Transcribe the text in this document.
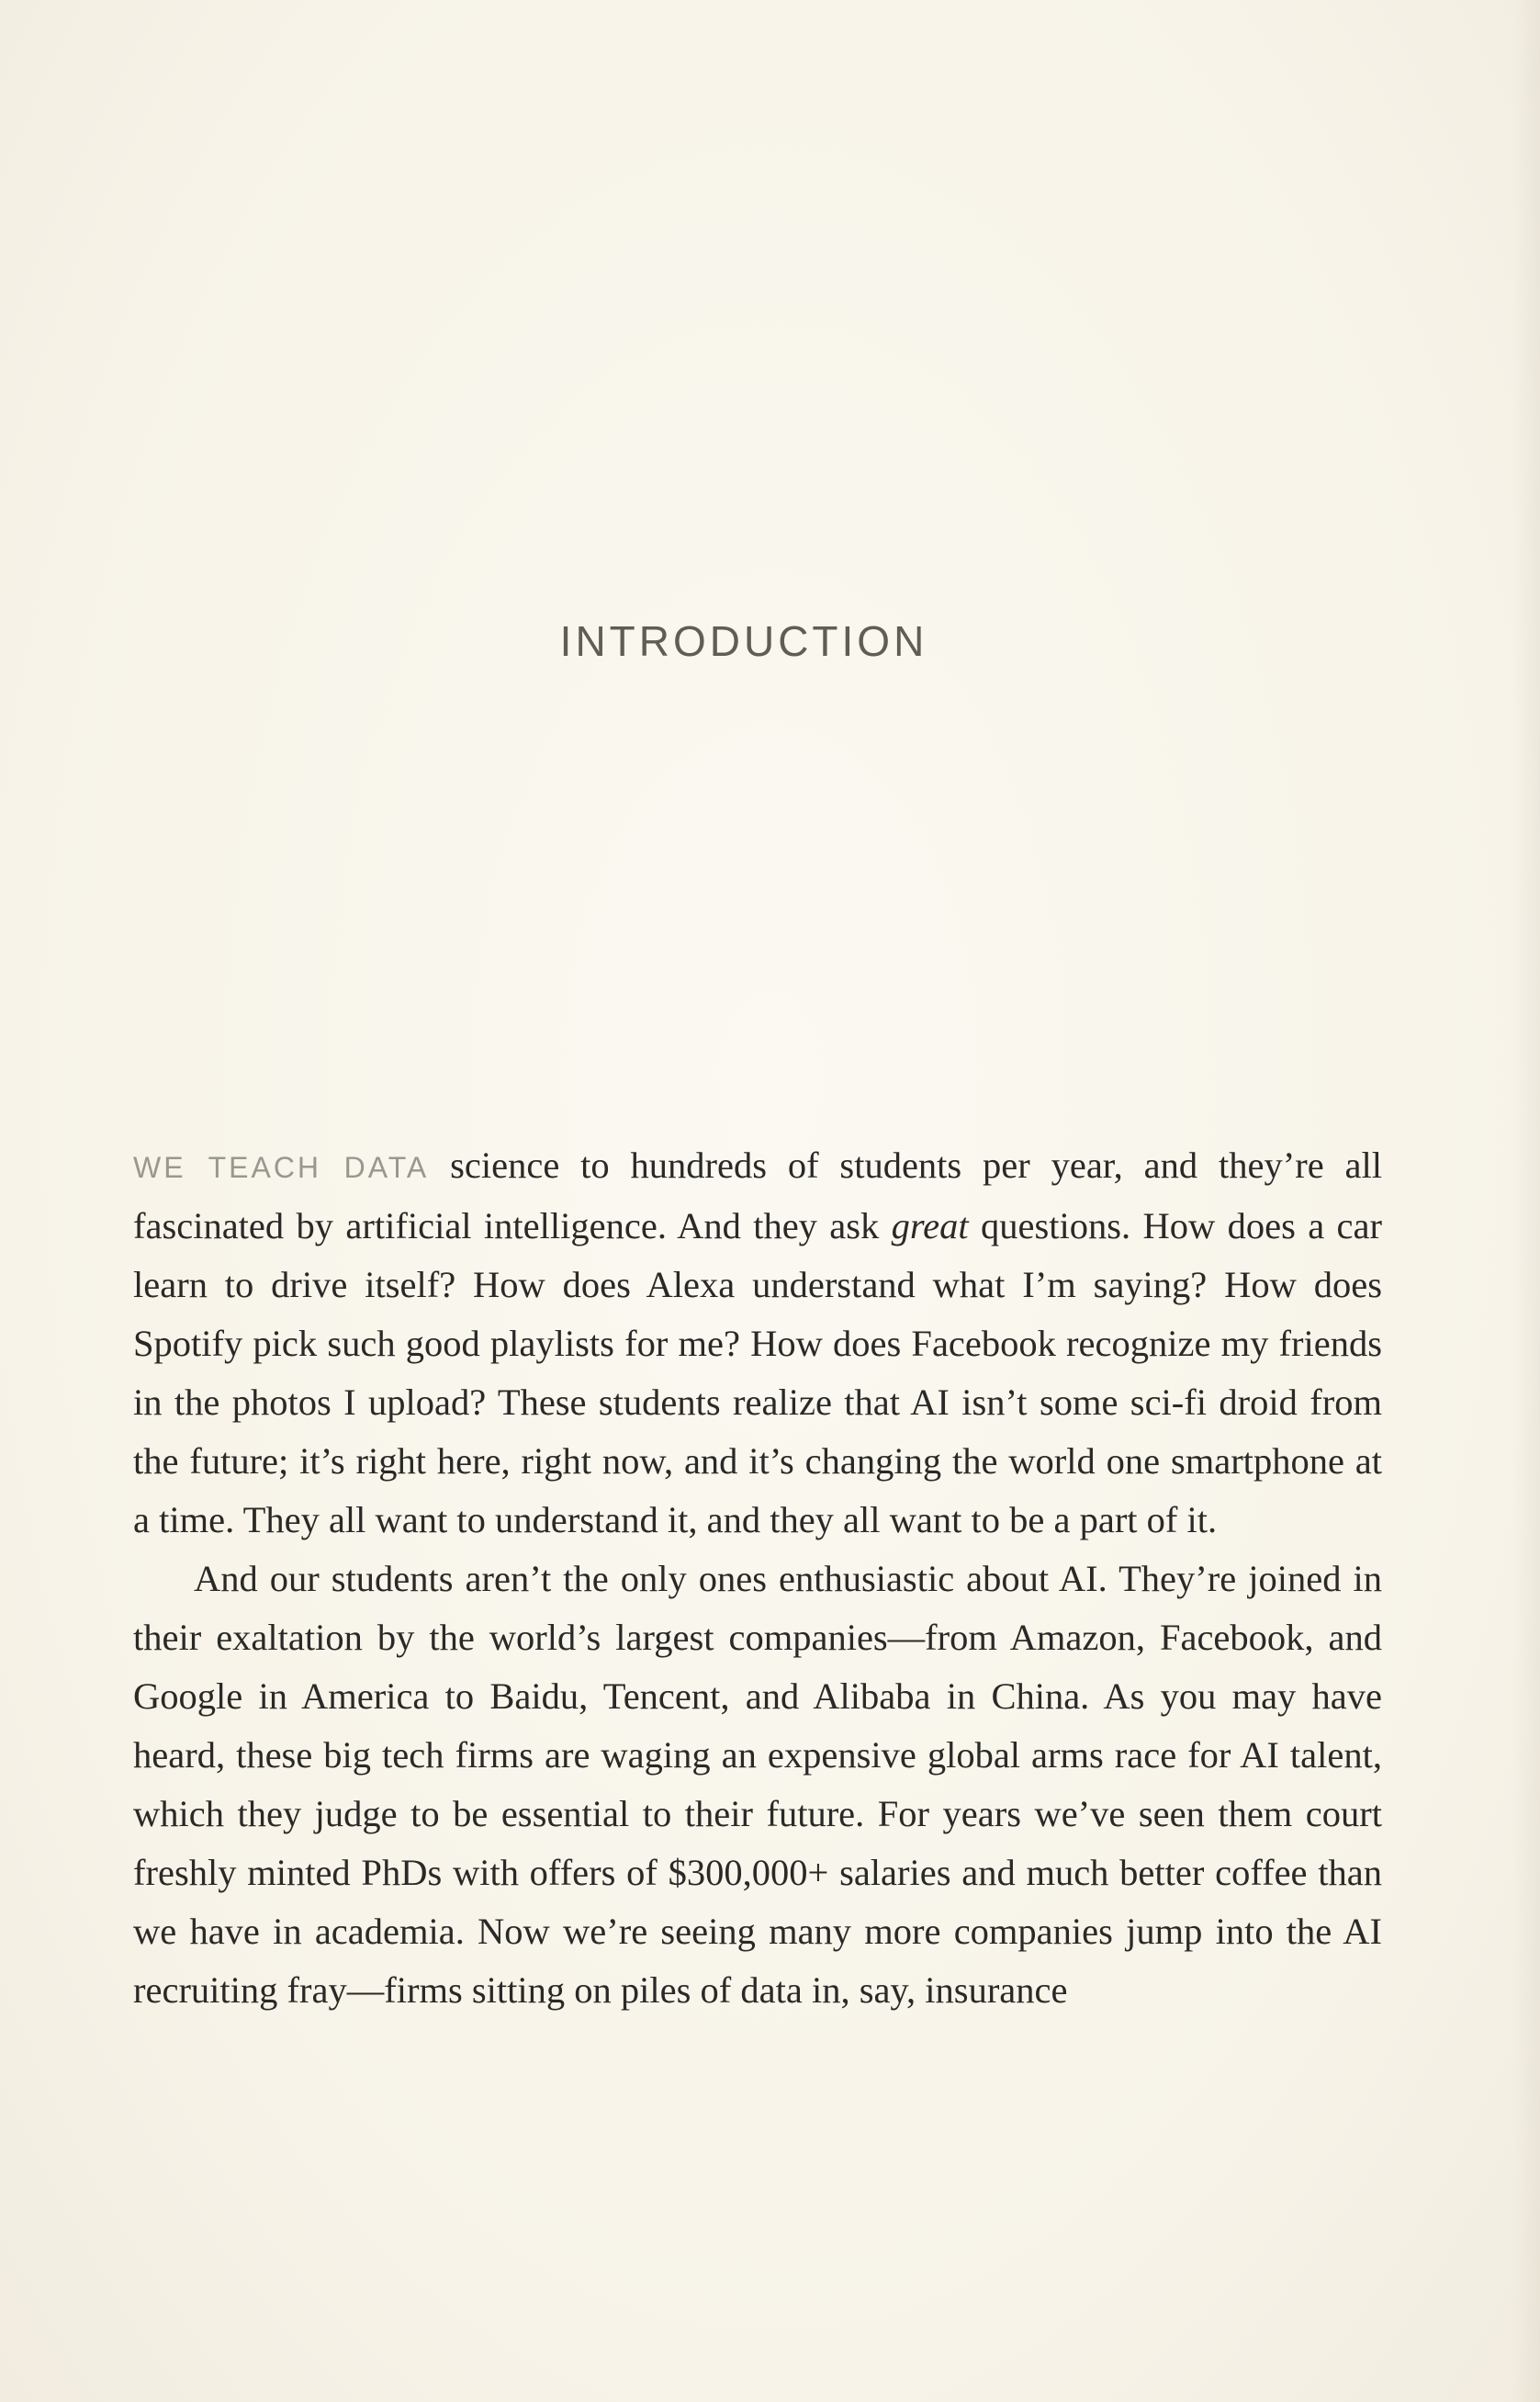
INTRODUCTION

WE TEACH DATA science to hundreds of students per year, and they’re all fascinated by artificial intelligence. And they ask great questions. How does a car learn to drive itself? How does Alexa understand what I’m saying? How does Spotify pick such good playlists for me? How does Facebook recognize my friends in the photos I upload? These students realize that AI isn’t some sci-fi droid from the future; it’s right here, right now, and it’s changing the world one smartphone at a time. They all want to understand it, and they all want to be a part of it.

And our students aren’t the only ones enthusiastic about AI. They’re joined in their exaltation by the world’s largest companies—from Amazon, Facebook, and Google in America to Baidu, Tencent, and Alibaba in China. As you may have heard, these big tech firms are waging an expensive global arms race for AI talent, which they judge to be essential to their future. For years we’ve seen them court freshly minted PhDs with offers of $300,000+ salaries and much better coffee than we have in academia. Now we’re seeing many more companies jump into the AI recruiting fray—firms sitting on piles of data in, say, insurance
